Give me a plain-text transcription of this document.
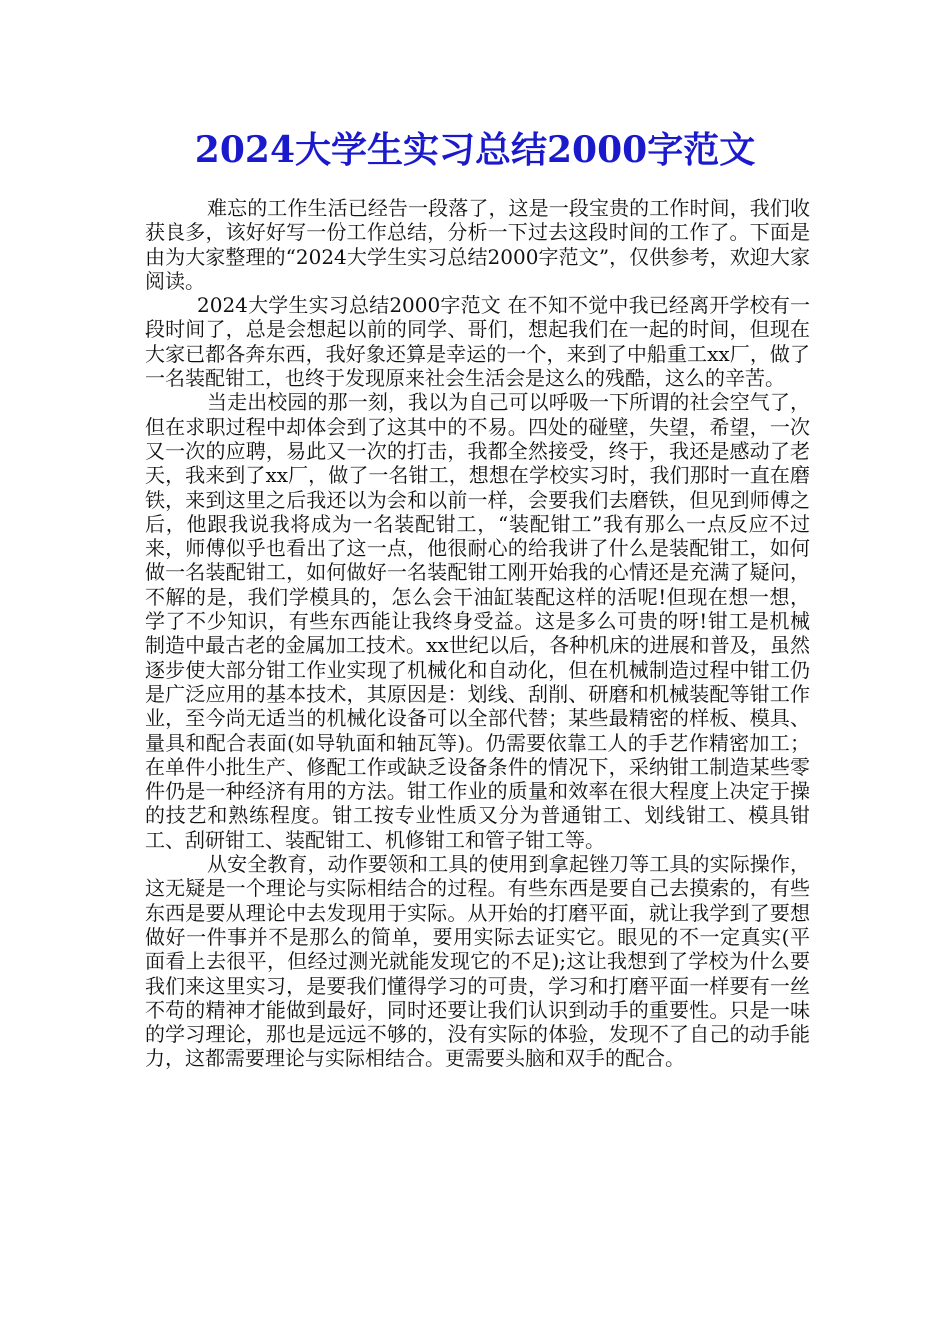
2024大学生实习总结2000字范文

难忘的工作生活已经告一段落了，这是一段宝贵的工作时间，我们收获良多，该好好写一份工作总结，分析一下过去这段时间的工作了。下面是由为大家整理的“2024大学生实习总结2000字范文”，仅供参考，欢迎大家阅读。

2024大学生实习总结2000字范文 在不知不觉中我已经离开学校有一段时间了，总是会想起以前的同学、哥们，想起我们在一起的时间，但现在大家已都各奔东西，我好象还算是幸运的一个，来到了中船重工xx厂，做了一名装配钳工，也终于发现原来社会生活会是这么的残酷，这么的辛苦。

当走出校园的那一刻，我以为自己可以呼吸一下所谓的社会空气了，但在求职过程中却体会到了这其中的不易。四处的碰壁，失望，希望，一次又一次的应聘，易此又一次的打击，我都全然接受，终于，我还是感动了老天，我来到了xx厂，做了一名钳工，想想在学校实习时，我们那时一直在磨铁，来到这里之后我还以为会和以前一样，会要我们去磨铁，但见到师傅之后，他跟我说我将成为一名装配钳工，“装配钳工”我有那么一点反应不过来，师傅似乎也看出了这一点，他很耐心的给我讲了什么是装配钳工，如何做一名装配钳工，如何做好一名装配钳工刚开始我的心情还是充满了疑问，不解的是，我们学模具的，怎么会干油缸装配这样的活呢!但现在想一想，学了不少知识，有些东西能让我终身受益。这是多么可贵的呀!钳工是机械制造中最古老的金属加工技术。xx世纪以后，各种机床的进展和普及，虽然逐步使大部分钳工作业实现了机械化和自动化，但在机械制造过程中钳工仍是广泛应用的基本技术，其原因是：划线、刮削、研磨和机械装配等钳工作业，至今尚无适当的机械化设备可以全部代替；某些最精密的样板、模具、量具和配合表面(如导轨面和轴瓦等)。仍需要依靠工人的手艺作精密加工；在单件小批生产、修配工作或缺乏设备条件的情况下，采纳钳工制造某些零件仍是一种经济有用的方法。钳工作业的质量和效率在很大程度上决定于操的技艺和熟练程度。钳工按专业性质又分为普通钳工、划线钳工、模具钳工、刮研钳工、装配钳工、机修钳工和管子钳工等。

从安全教育，动作要领和工具的使用到拿起锉刀等工具的实际操作，这无疑是一个理论与实际相结合的过程。有些东西是要自己去摸索的，有些东西是要从理论中去发现用于实际。从开始的打磨平面，就让我学到了要想做好一件事并不是那么的简单，要用实际去证实它。眼见的不一定真实(平面看上去很平，但经过测光就能发现它的不足);这让我想到了学校为什么要我们来这里实习，是要我们懂得学习的可贵，学习和打磨平面一样要有一丝不苟的精神才能做到最好，同时还要让我们认识到动手的重要性。只是一味的学习理论，那也是远远不够的，没有实际的体验，发现不了自己的动手能力，这都需要理论与实际相结合。更需要头脑和双手的配合。
